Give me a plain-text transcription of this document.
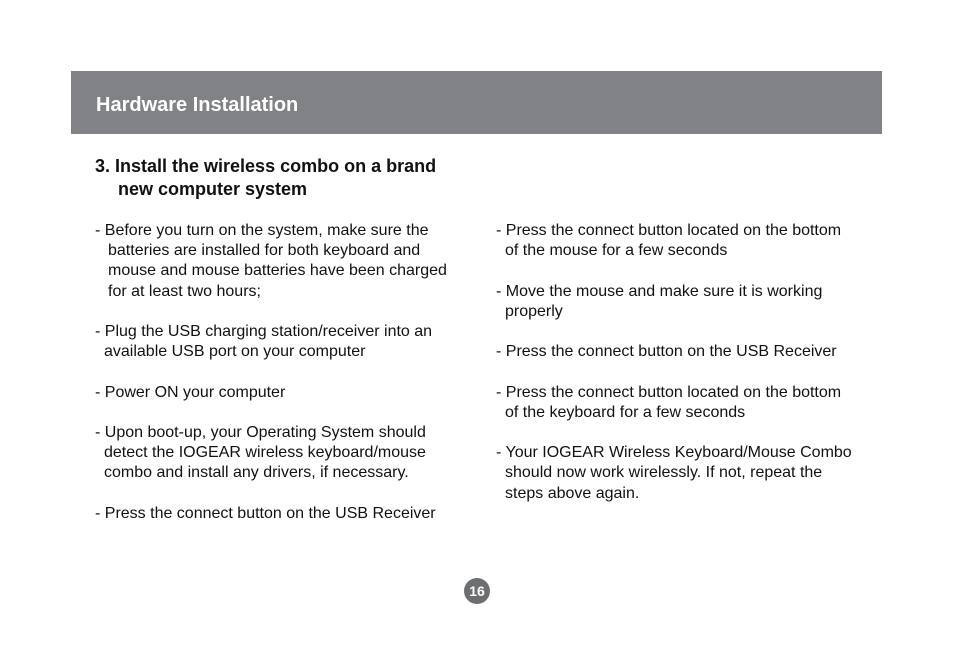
Hardware Installation
3. Install the wireless combo on a brand
new computer system
- Before you turn on the system, make sure the
batteries are installed for both keyboard and
mouse and mouse batteries have been charged
for at least two hours;
- Plug the USB charging station/receiver into an
available USB port on your computer
- Power ON your computer
- Upon boot-up, your Operating System should
detect the IOGEAR wireless keyboard/mouse
combo and install any drivers, if necessary.
- Press the connect button on the USB Receiver
- Press the connect button located on the bottom
of the mouse for a few seconds
- Move the mouse and make sure it is working
properly
- Press the connect button on the USB Receiver
- Press the connect button located on the bottom
of the keyboard for a few seconds
- Your IOGEAR Wireless Keyboard/Mouse Combo
should now work wirelessly. If not, repeat the
steps above again.
16
